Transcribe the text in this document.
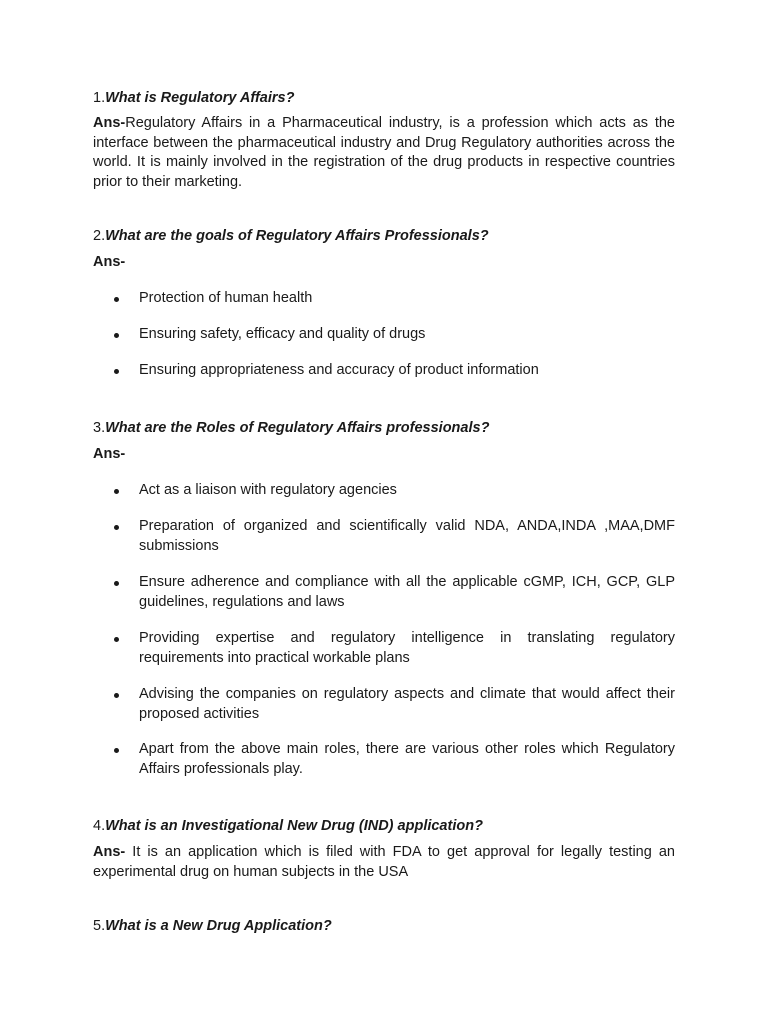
1.What is Regulatory Affairs?
Ans-Regulatory Affairs in a Pharmaceutical industry, is a profession which acts as the interface between the pharmaceutical industry and Drug Regulatory authorities across the world. It is mainly involved in the registration of the drug products in respective countries prior to their marketing.
2.What are the goals of Regulatory Affairs Professionals?
Ans-
Protection of human health
Ensuring safety, efficacy and quality of drugs
Ensuring appropriateness and accuracy of product information
3.What are the Roles of Regulatory Affairs professionals?
Ans-
Act as a liaison with regulatory agencies
Preparation of organized and scientifically valid NDA, ANDA,INDA ,MAA,DMF submissions
Ensure adherence and compliance with all the applicable cGMP, ICH, GCP, GLP guidelines, regulations and laws
Providing expertise and regulatory intelligence in translating regulatory requirements into practical workable plans
Advising the companies on regulatory aspects and climate that would affect their proposed activities
Apart from the above main roles, there are various other roles which Regulatory Affairs professionals play.
4.What is an Investigational New Drug (IND) application?
Ans- It is an application which is filed with FDA to get approval for legally testing an experimental drug on human subjects in the USA
5.What is a New Drug Application?
